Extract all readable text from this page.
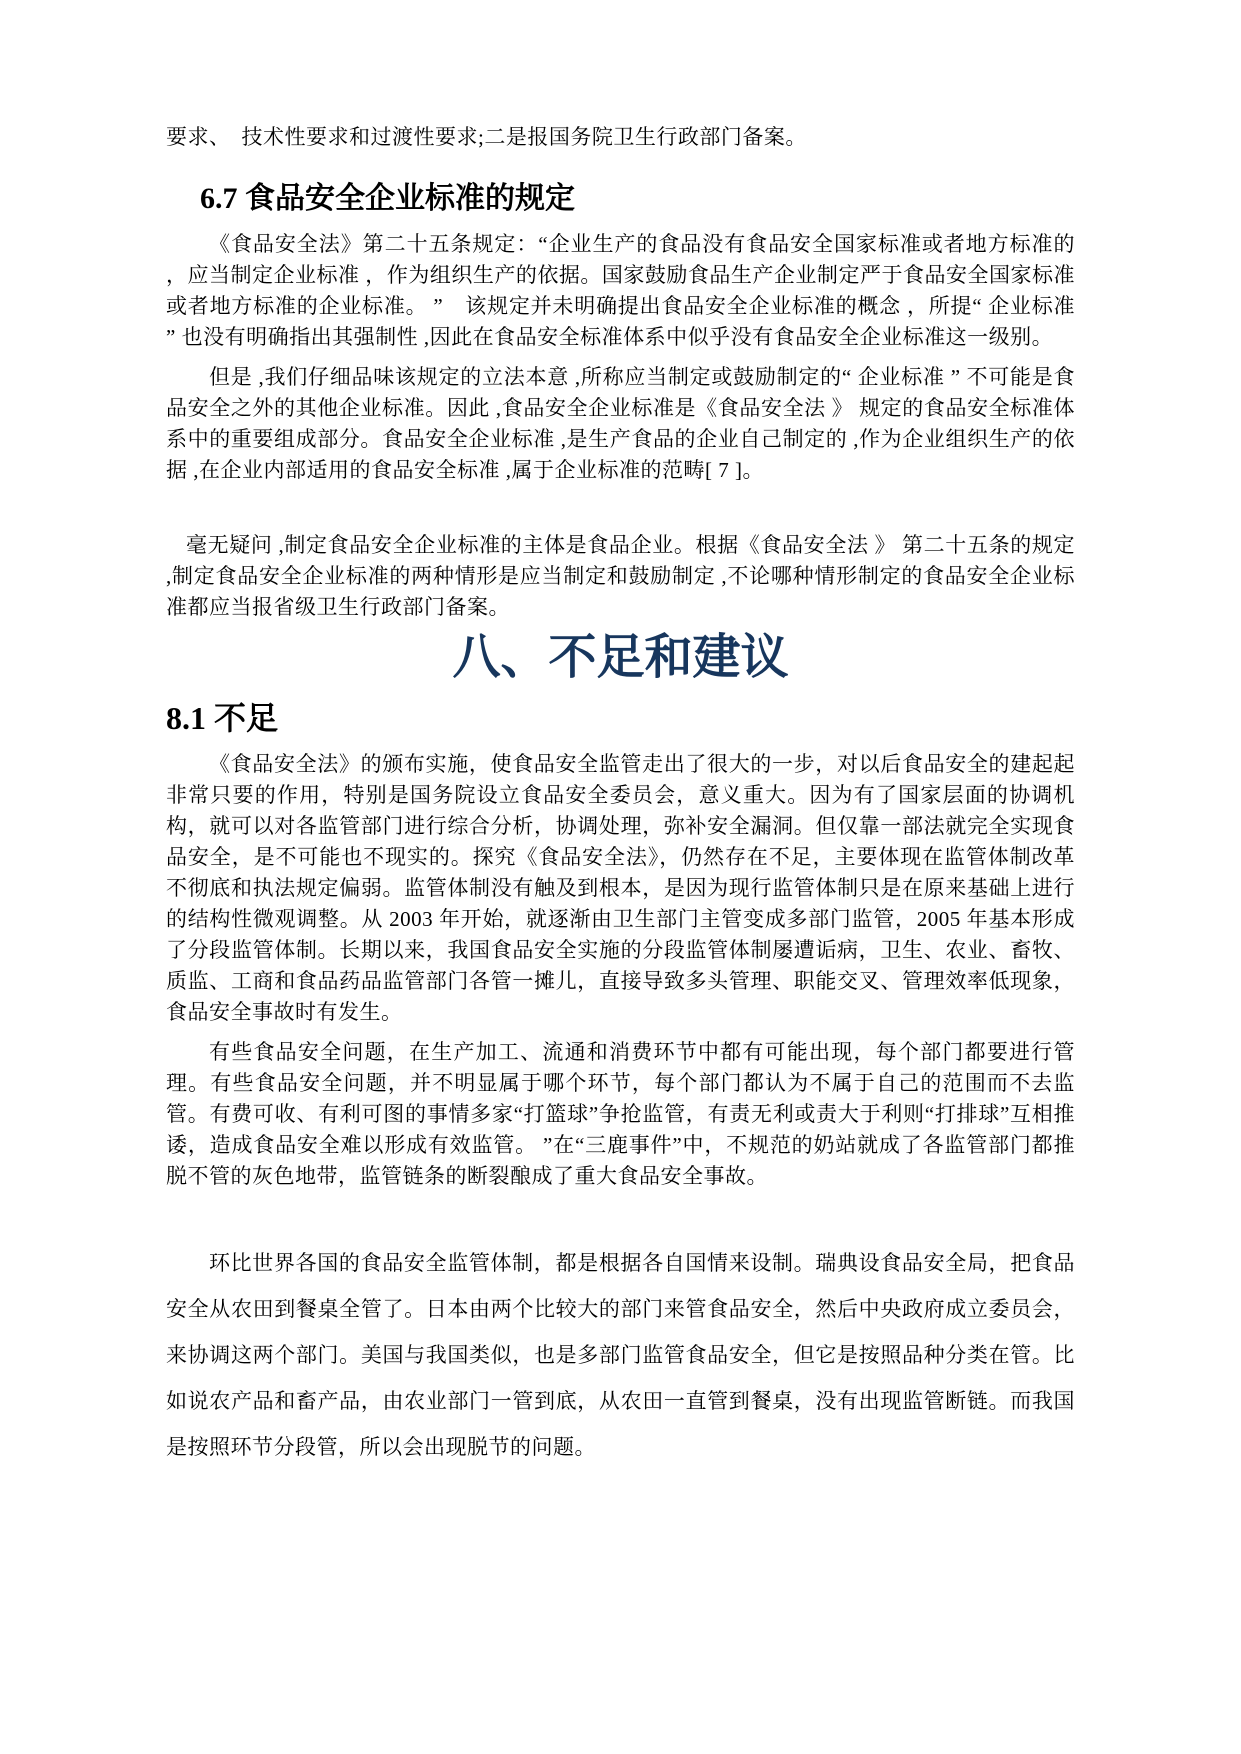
要求、　技术性要求和过渡性要求;二是报国务院卫生行政部门备案。

6.7 食品安全企业标准的规定

《食品安全法》第二十五条规定：“企业生产的食品没有食品安全国家标准或者地方标准的 ，应当制定企业标准 ，作为组织生产的依据。国家鼓励食品生产企业制定严于食品安全国家标准或者地方标准的企业标准。 ”　该规定并未明确提出食品安全企业标准的概念 ，所提“ 企业标准 ” 也没有明确指出其强制性 ,因此在食品安全标准体系中似乎没有食品安全企业标准这一级别。

但是 ,我们仔细品味该规定的立法本意 ,所称应当制定或鼓励制定的“ 企业标准 ” 不可能是食品安全之外的其他企业标准。因此 ,食品安全企业标准是《食品安全法 》 规定的食品安全标准体系中的重要组成部分。食品安全企业标准 ,是生产食品的企业自己制定的 ,作为企业组织生产的依据 ,在企业内部适用的食品安全标准 ,属于企业标准的范畴[ 7 ]。

毫无疑问 ,制定食品安全企业标准的主体是食品企业。根据《食品安全法 》 第二十五条的规定 ,制定食品安全企业标准的两种情形是应当制定和鼓励制定 ,不论哪种情形制定的食品安全企业标准都应当报省级卫生行政部门备案。

八、不足和建议
8.1 不足

《食品安全法》的颁布实施，使食品安全监管走出了很大的一步，对以后食品安全的建起起非常只要的作用，特别是国务院设立食品安全委员会，意义重大。因为有了国家层面的协调机构，就可以对各监管部门进行综合分析，协调处理，弥补安全漏洞。但仅靠一部法就完全实现食品安全，是不可能也不现实的。探究《食品安全法》，仍然存在不足，主要体现在监管体制改革不彻底和执法规定偏弱。监管体制没有触及到根本，是因为现行监管体制只是在原来基础上进行的结构性微观调整。从 2003 年开始，就逐渐由卫生部门主管变成多部门监管，2005 年基本形成了分段监管体制。长期以来，我国食品安全实施的分段监管体制屡遭诟病，卫生、农业、畜牧、质监、工商和食品药品监管部门各管一摊儿，直接导致多头管理、职能交叉、管理效率低现象，食品安全事故时有发生。

有些食品安全问题，在生产加工、流通和消费环节中都有可能出现，每个部门都要进行管理。有些食品安全问题，并不明显属于哪个环节，每个部门都认为不属于自己的范围而不去监管。有费可收、有利可图的事情多家“打篮球”争抢监管，有责无利或责大于利则“打排球”互相推诿，造成食品安全难以形成有效监管。 ”在“三鹿事件”中，不规范的奶站就成了各监管部门都推脱不管的灰色地带，监管链条的断裂酿成了重大食品安全事故。

环比世界各国的食品安全监管体制，都是根据各自国情来设制。瑞典设食品安全局，把食品安全从农田到餐桌全管了。日本由两个比较大的部门来管食品安全，然后中央政府成立委员会，来协调这两个部门。美国与我国类似，也是多部门监管食品安全，但它是按照品种分类在管。比如说农产品和畜产品，由农业部门一管到底，从农田一直管到餐桌，没有出现监管断链。而我国是按照环节分段管，所以会出现脱节的问题。
